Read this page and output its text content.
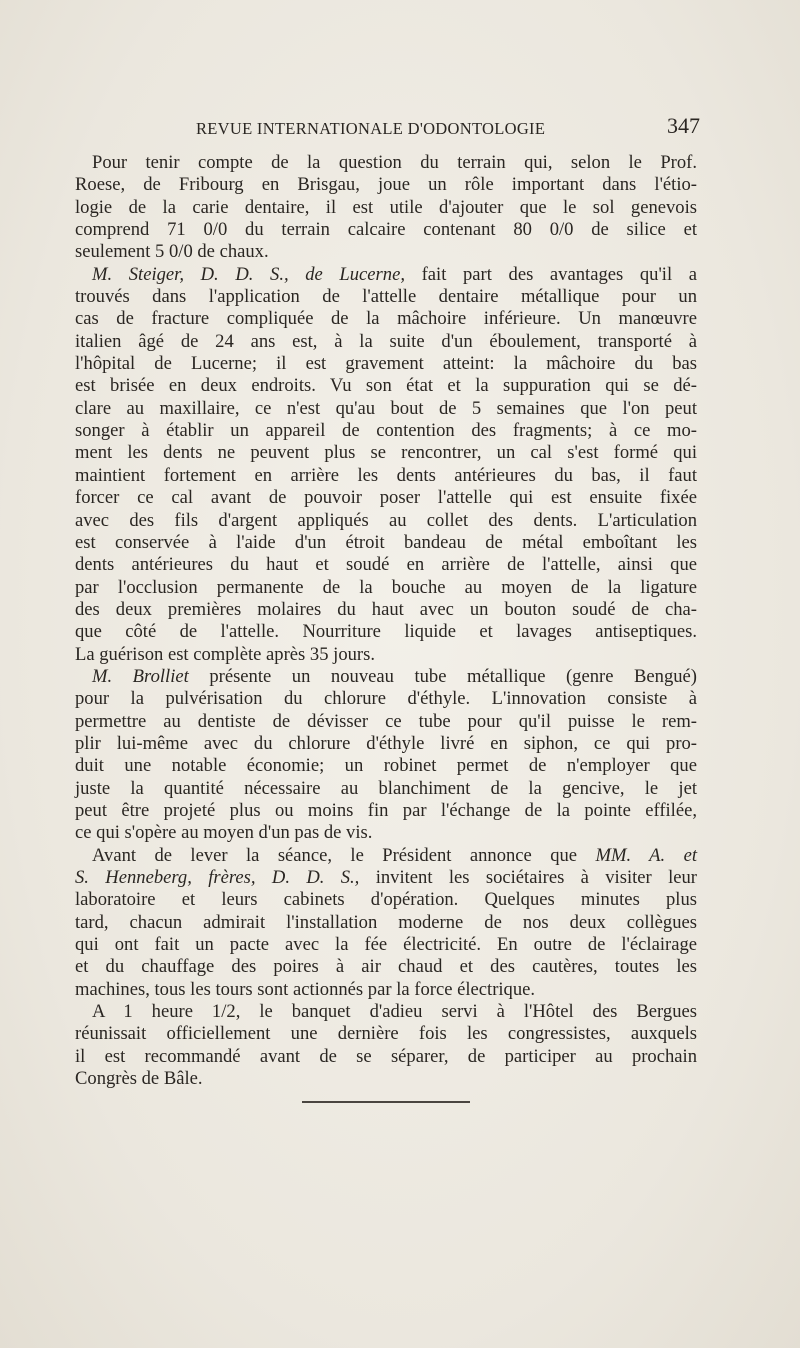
REVUE INTERNATIONALE D'ODONTOLOGIE	347
Pour tenir compte de la question du terrain qui, selon le Prof.
Roese, de Fribourg en Brisgau, joue un rôle important dans l'étio-
logie de la carie dentaire, il est utile d'ajouter que le sol genevois
comprend 71 0/0 du terrain calcaire contenant 80 0/0 de silice et
seulement 5 0/0 de chaux.
M. Steiger, D. D. S., de Lucerne, fait part des avantages qu'il a
trouvés dans l'application de l'attelle dentaire métallique pour un
cas de fracture compliquée de la mâchoire inférieure. Un manœuvre
italien âgé de 24 ans est, à la suite d'un éboulement, transporté à
l'hôpital de Lucerne; il est gravement atteint: la mâchoire du bas
est brisée en deux endroits. Vu son état et la suppuration qui se dé-
clare au maxillaire, ce n'est qu'au bout de 5 semaines que l'on peut
songer à établir un appareil de contention des fragments; à ce mo-
ment les dents ne peuvent plus se rencontrer, un cal s'est formé qui
maintient fortement en arrière les dents antérieures du bas, il faut
forcer ce cal avant de pouvoir poser l'attelle qui est ensuite fixée
avec des fils d'argent appliqués au collet des dents. L'articulation
est conservée à l'aide d'un étroit bandeau de métal emboîtant les
dents antérieures du haut et soudé en arrière de l'attelle, ainsi que
par l'occlusion permanente de la bouche au moyen de la ligature
des deux premières molaires du haut avec un bouton soudé de cha-
que côté de l'attelle. Nourriture liquide et lavages antiseptiques.
La guérison est complète après 35 jours.
M. Brolliet présente un nouveau tube métallique (genre Bengué)
pour la pulvérisation du chlorure d'éthyle. L'innovation consiste à
permettre au dentiste de dévisser ce tube pour qu'il puisse le rem-
plir lui-même avec du chlorure d'éthyle livré en siphon, ce qui pro-
duit une notable économie; un robinet permet de n'employer que
juste la quantité nécessaire au blanchiment de la gencive, le jet
peut être projeté plus ou moins fin par l'échange de la pointe effilée,
ce qui s'opère au moyen d'un pas de vis.
Avant de lever la séance, le Président annonce que MM. A. et
S. Henneberg, frères, D. D. S., invitent les sociétaires à visiter leur
laboratoire et leurs cabinets d'opération. Quelques minutes plus
tard, chacun admirait l'installation moderne de nos deux collègues
qui ont fait un pacte avec la fée électricité. En outre de l'éclairage
et du chauffage des poires à air chaud et des cautères, toutes les
machines, tous les tours sont actionnés par la force électrique.
A 1 heure 1/2, le banquet d'adieu servi à l'Hôtel des Bergues
réunissait officiellement une dernière fois les congressistes, auxquels
il est recommandé avant de se séparer, de participer au prochain
Congrès de Bâle.
